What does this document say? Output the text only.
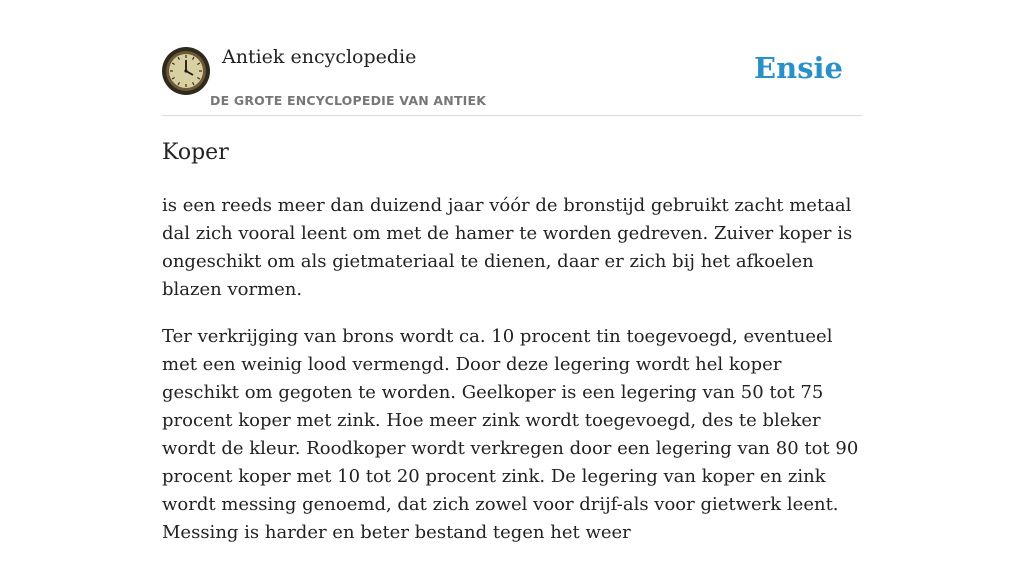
Antiek encyclopedie
DE GROTE ENCYCLOPEDIE VAN ANTIEK
Ensie
Koper

is een reeds meer dan duizend jaar vóór de bronstijd gebruikt zacht metaal dal zich vooral leent om met de hamer te worden gedreven. Zuiver koper is ongeschikt om als gietmateriaal te dienen, daar er zich bij het afkoelen blazen vormen.

Ter verkrijging van brons wordt ca. 10 procent tin toegevoegd, eventueel met een weinig lood vermengd. Door deze legering wordt hel koper geschikt om gegoten te worden. Geelkoper is een legering van 50 tot 75 procent koper met zink. Hoe meer zink wordt toegevoegd, des te bleker wordt de kleur. Roodkoper wordt verkregen door een legering van 80 tot 90 procent koper met 10 tot 20 procent zink. De legering van koper en zink wordt messing genoemd, dat zich zowel voor drijf-als voor gietwerk leent. Messing is harder en beter bestand tegen het weer
